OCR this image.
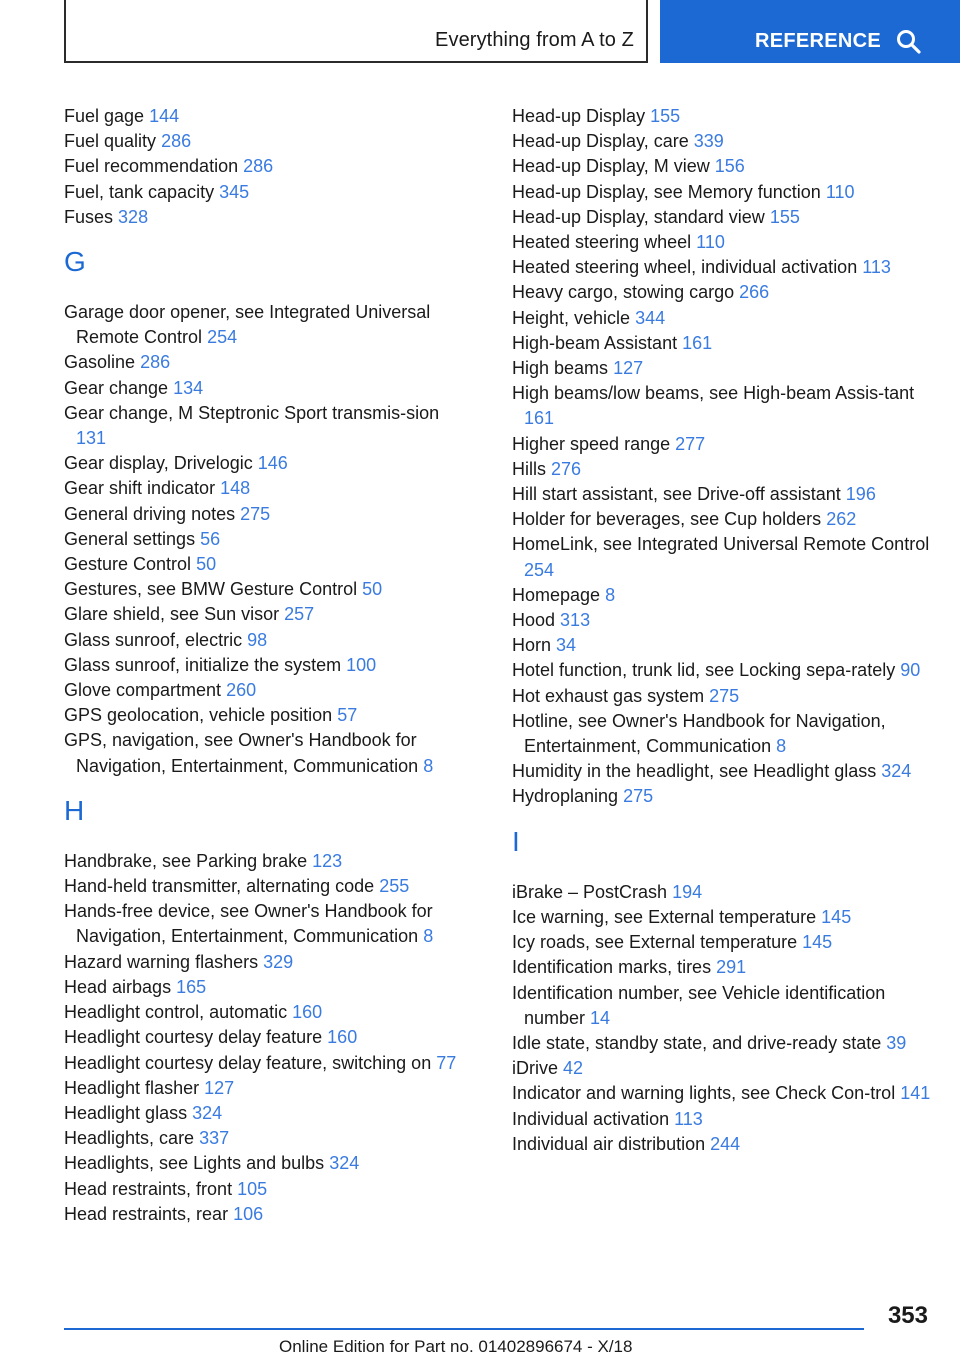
Everything from A to Z	REFERENCE
Fuel gage 144
Fuel quality 286
Fuel recommendation 286
Fuel, tank capacity 345
Fuses 328
G
Garage door opener, see Integrated Universal Remote Control 254
Gasoline 286
Gear change 134
Gear change, M Steptronic Sport transmis‐sion 131
Gear display, Drivelogic 146
Gear shift indicator 148
General driving notes 275
General settings 56
Gesture Control 50
Gestures, see BMW Gesture Control 50
Glare shield, see Sun visor 257
Glass sunroof, electric 98
Glass sunroof, initialize the system 100
Glove compartment 260
GPS geolocation, vehicle position 57
GPS, navigation, see Owner's Handbook for Navigation, Entertainment, Communication 8
H
Handbrake, see Parking brake 123
Hand-held transmitter, alternating code 255
Hands-free device, see Owner's Handbook for Navigation, Entertainment, Communication 8
Hazard warning flashers 329
Head airbags 165
Headlight control, automatic 160
Headlight courtesy delay feature 160
Headlight courtesy delay feature, switching on 77
Headlight flasher 127
Headlight glass 324
Headlights, care 337
Headlights, see Lights and bulbs 324
Head restraints, front 105
Head restraints, rear 106
Head-up Display 155
Head-up Display, care 339
Head-up Display, M view 156
Head-up Display, see Memory function 110
Head-up Display, standard view 155
Heated steering wheel 110
Heated steering wheel, individual activation 113
Heavy cargo, stowing cargo 266
Height, vehicle 344
High-beam Assistant 161
High beams 127
High beams/low beams, see High-beam Assis‐tant 161
Higher speed range 277
Hills 276
Hill start assistant, see Drive-off assistant 196
Holder for beverages, see Cup holders 262
HomeLink, see Integrated Universal Remote Control 254
Homepage 8
Hood 313
Horn 34
Hotel function, trunk lid, see Locking sepa‐rately 90
Hot exhaust gas system 275
Hotline, see Owner's Handbook for Navigation, Entertainment, Communication 8
Humidity in the headlight, see Headlight glass 324
Hydroplaning 275
I
iBrake – PostCrash 194
Ice warning, see External temperature 145
Icy roads, see External temperature 145
Identification marks, tires 291
Identification number, see Vehicle identification number 14
Idle state, standby state, and drive-ready state 39
iDrive 42
Indicator and warning lights, see Check Con‐trol 141
Individual activation 113
Individual air distribution 244
353
Online Edition for Part no. 01402896674 - X/18
